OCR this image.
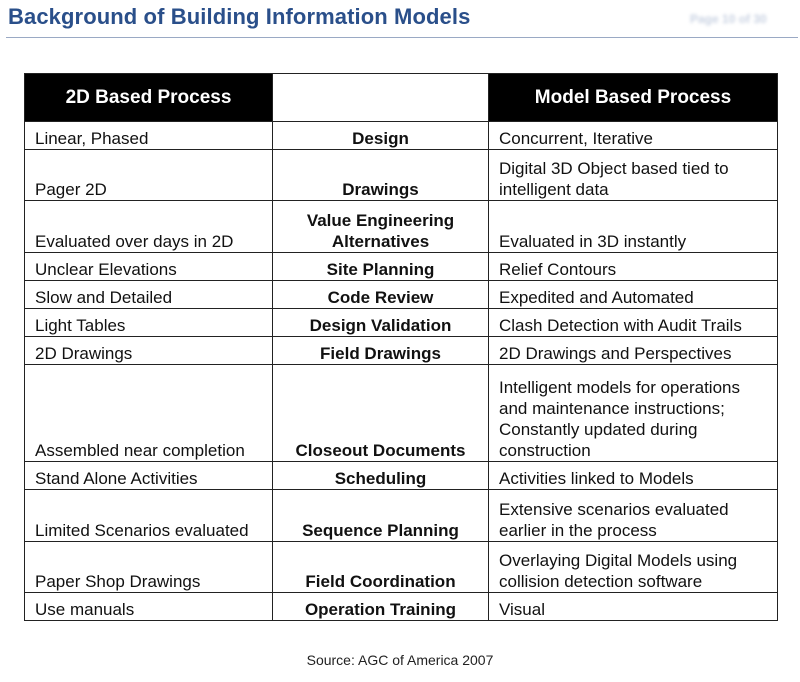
Background of Building Information Models	Page 10 of 30
2D Based Process		Model Based Process
Linear, Phased	Design	Concurrent, Iterative
Pager 2D	Drawings	Digital 3D Object based tied to intelligent data
Evaluated over days in 2D	Value Engineering Alternatives	Evaluated in 3D instantly
Unclear Elevations	Site Planning	Relief Contours
Slow and Detailed	Code Review	Expedited and Automated
Light Tables	Design Validation	Clash Detection with Audit Trails
2D Drawings	Field Drawings	2D Drawings and Perspectives
Assembled near completion	Closeout Documents	Intelligent models for operations and maintenance instructions; Constantly updated during construction
Stand Alone Activities	Scheduling	Activities linked to Models
Limited Scenarios evaluated	Sequence Planning	Extensive scenarios evaluated earlier in the process
Paper Shop Drawings	Field Coordination	Overlaying Digital Models using collision detection software
Use manuals	Operation Training	Visual
Source: AGC of America 2007
